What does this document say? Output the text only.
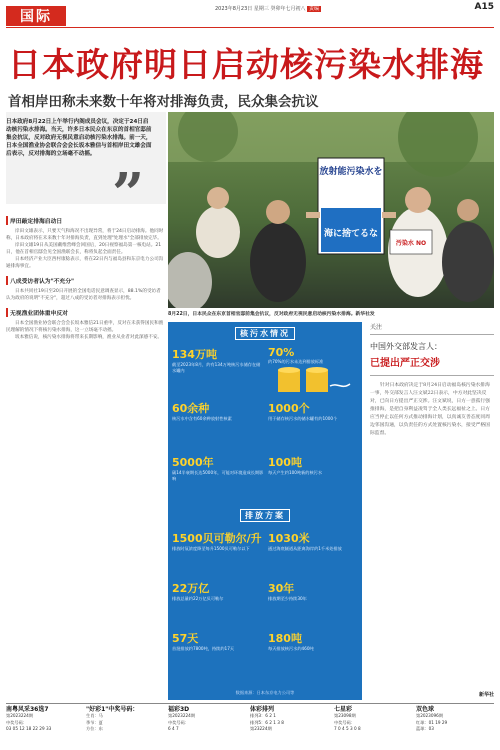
国际	2023年8月23日 星期三 癸卯年七月初八 责编	A15
日本政府明日启动核污染水排海
首相岸田称未来数十年将对排海负责，民众集会抗议
日本政府8月22日上午举行内阁成员会议，决定于24日启动核污染水排海。当天，许多日本民众在东京的首相官邸前集会抗议，反对政府无视民意启动核污染水排海。前一天，日本全国渔业协会联合会会长坂本雅信与首相岸田文雄会面后表示，反对排海的立场毫不动摇。
”
岸田敲定排海启动日

岸田文雄表示，只要天气和海况不出现异常，将于24日启动排海。他同时称，日本政府将在未来数十年对排海负责，直到处理"处理水"全部排放完毕。

岸田文雄19日从美国戴维营峰会回国后，20日视察福岛第一核电站。21日，他在首相官邸会见全国渔联会长，称将负起全面责任。

日本经济产业大臣西村康稔表示，将在22日内与福岛县和东京电力公司沟通排海事宜。

八成受访者认为"不充分"

日本共同社19日至20日开展的全国电话民意调查显示，88.1%的受访者认为政府的说明"不充分"，超过八成的受访者对排海表示担忧。

无视渔业团体重申反对

日本全国渔业协会联合会会长坂本雅信21日重申，反对在未获得国民和渔民理解的情况下将核污染水排海，这一立场毫不动摇。

坂本雅信说，核污染水排海将带来长期影响，渔业从业者对此深感不安。

放射能污染水を
海に捨てるな
汚染水 NO
8月22日，日本民众在东京首相官邸前集会抗议，反对政府无视民意启动核污染水排海。新华社发
核污水情况
134万吨
截至2023年8月，约有134万吨核污水储存在储水罐内
70%
约70%的污水未达到排放标准
60余种
核污水中含有60余种放射性核素
1000个
用于储存核污水的储水罐有约1000个
5000年
碳14半衰期长达5000年，可能对环境造成长期影响
100吨
每天产生约100吨新的核污水
排放方案
1500贝可勒尔/升
排放时氚浓度降至每升1500贝可勒尔以下
1030米
通过海底隧道从距离海岸约1千米处排放
22万亿
排放总量约22万亿贝可勒尔
30年
排放期至少持续30年
57天
首批排放约7800吨，持续约17天
180吨
每天排放核污水约460吨
数据来源：日本东京电力公司等
关注
中国外交部发言人：
已提出严正交涉

针对日本政府决定于8月24日启动福岛核污染水排海一事，外交部发言人汪文斌22日表示，中方对此坚决反对，已向日方提出严正交涉。汪文斌说，日方一意孤行强推排海，是把自身利益凌驾于全人类长远福祉之上。日方应当停止以任何方式推动排海计划，以真诚友善态度同周边邻国沟通，以负责任的方式处置核污染水，接受严格国际监督。

新华社
南粤风采36选7
第2023224期
中奖号码：
03 05 12 18 22 29 33
"好彩1"中奖号码：
生肖：马
季节：夏
方位：东
福彩3D
第2023224期
中奖号码：
6 4 7
体彩排列
排列3：6 2 1
排列5：6 2 1 3 8
第23224期
七星彩
第23098期
中奖号码：
7 0 4 5 3 0 8
双色球
第2023096期
红球：01 19 29
蓝球：03
